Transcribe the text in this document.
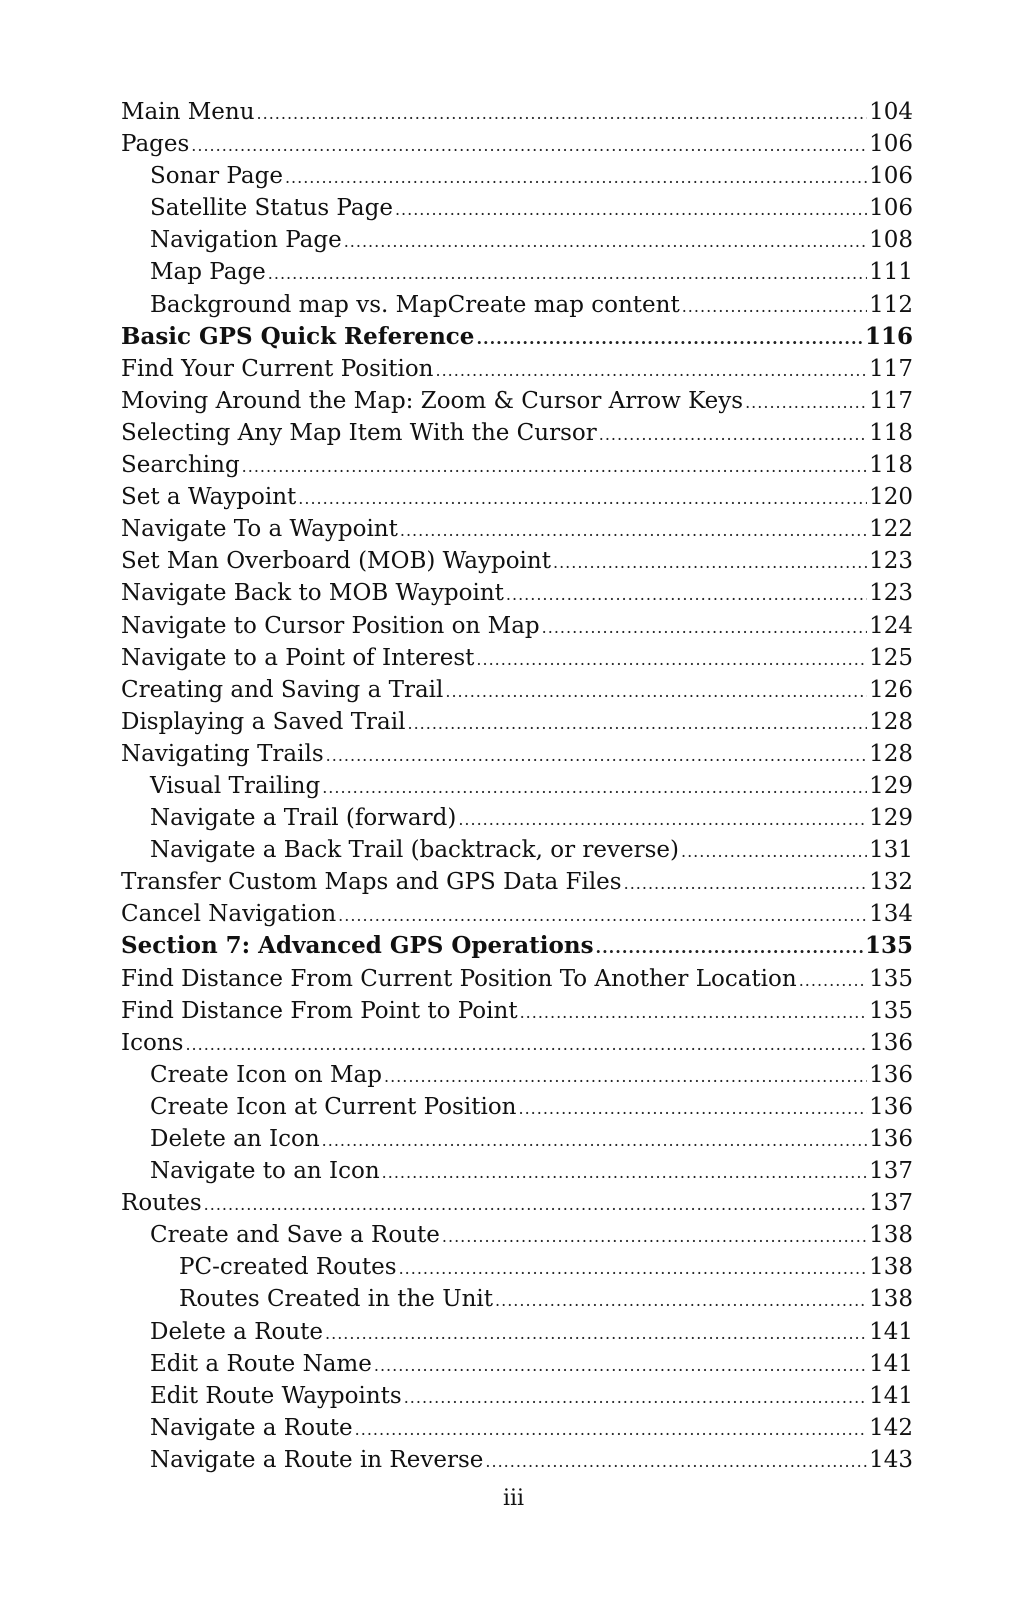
Main Menu .....	104
Pages .....	106
Sonar Page .....	106
Satellite Status Page .....	106
Navigation Page .....	108
Map Page .....	111
Background map vs. MapCreate map content .....	112
Basic GPS Quick Reference .....	116
Find Your Current Position .....	117
Moving Around the Map: Zoom & Cursor Arrow Keys .....	117
Selecting Any Map Item With the Cursor .....	118
Searching .....	118
Set a Waypoint .....	120
Navigate To a Waypoint .....	122
Set Man Overboard (MOB) Waypoint .....	123
Navigate Back to MOB Waypoint .....	123
Navigate to Cursor Position on Map .....	124
Navigate to a Point of Interest .....	125
Creating and Saving a Trail .....	126
Displaying a Saved Trail .....	128
Navigating Trails .....	128
Visual Trailing .....	129
Navigate a Trail (forward) .....	129
Navigate a Back Trail (backtrack, or reverse) .....	131
Transfer Custom Maps and GPS Data Files .....	132
Cancel Navigation .....	134
Section 7: Advanced GPS Operations .....	135
Find Distance From Current Position To Another Location .....	135
Find Distance From Point to Point .....	135
Icons .....	136
Create Icon on Map .....	136
Create Icon at Current Position .....	136
Delete an Icon .....	136
Navigate to an Icon .....	137
Routes .....	137
Create and Save a Route .....	138
PC-created Routes .....	138
Routes Created in the Unit .....	138
Delete a Route .....	141
Edit a Route Name .....	141
Edit Route Waypoints .....	141
Navigate a Route .....	142
Navigate a Route in Reverse .....	143
iii
